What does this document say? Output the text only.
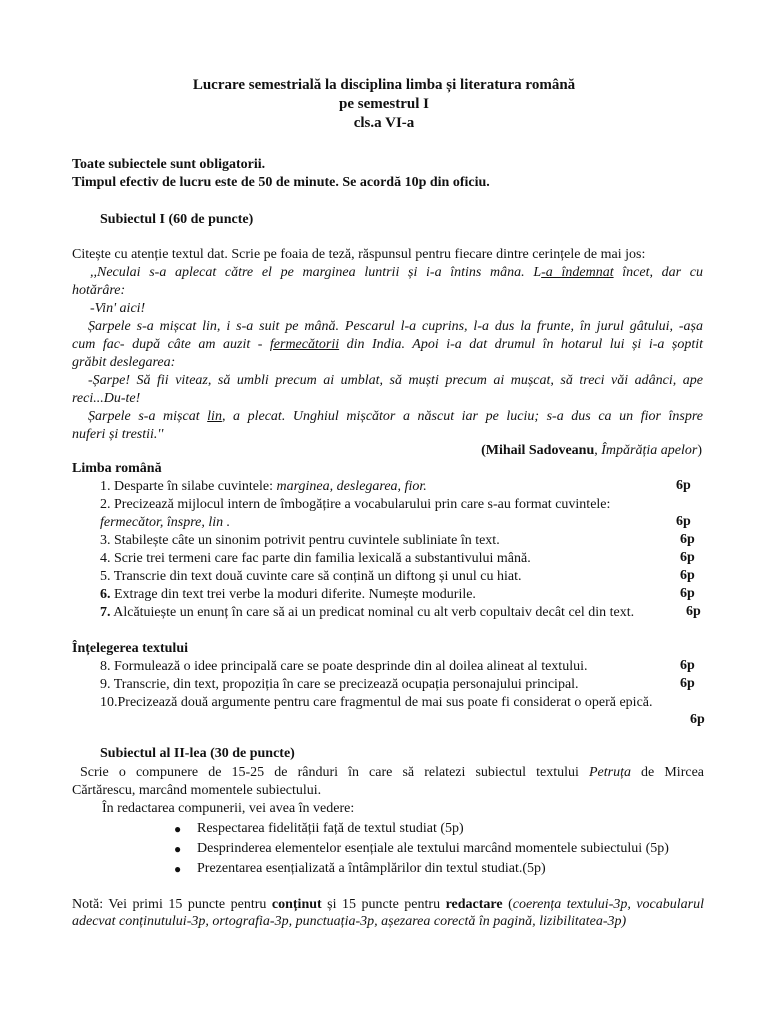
Lucrare semestrială la disciplina limba și literatura română
pe semestrul I
cls.a VI-a
Toate subiectele sunt obligatorii.
Timpul efectiv de lucru este de 50 de minute. Se acordă 10p din oficiu.
Subiectul I (60 de puncte)
Citește cu atenție textul dat. Scrie pe foaia de teză, răspunsul pentru fiecare dintre cerințele de mai jos:
,,Neculai s-a aplecat către el pe marginea luntrii și i-a întins mâna. L-a îndemnat încet, dar cu
hotărâre:
-Vin' aici!
Șarpele s-a mișcat lin, i s-a suit pe mână. Pescarul l-a cuprins, l-a dus la frunte, în jurul gâtului, -așa
cum fac- după câte am auzit - fermecătorii din India. Apoi i-a dat drumul în hotarul lui și i-a șoptit
grăbit deslegarea:
-Șarpe! Să fii viteaz, să umbli precum ai umblat, să muști precum ai mușcat, să treci văi adânci, ape
reci...Du-te!
Șarpele s-a mișcat lin, a plecat. Unghiul mișcător a născut iar pe luciu; s-a dus ca un fior înspre
nuferi și trestii.''
(Mihail Sadoveanu, Împărăția apelor)
Limba română
1. Desparte în silabe cuvintele: marginea, deslegarea, fior.	6p
2. Precizează mijlocul intern de îmbogățire a vocabularului prin care s-au format cuvintele:
fermecător, înspre, lin .	6p
3. Stabilește câte un sinonim potrivit pentru cuvintele subliniate în text.	6p
4. Scrie trei termeni care fac parte din familia lexicală a substantivului mână.	6p
5. Transcrie din text două cuvinte care să conțină un diftong și unul cu hiat.	6p
6. Extrage din text trei verbe la moduri diferite. Numește modurile.	6p
7. Alcătuiește un enunț în care să ai un predicat nominal cu alt verb copultaiv decât cel din text.	6p
Înțelegerea textului
8. Formulează o idee principală care se poate desprinde din al doilea alineat al textului.	6p
9. Transcrie, din text, propoziția în care se precizează ocupația personajului principal.	6p
10.Precizează două argumente pentru care fragmentul de mai sus poate fi considerat o operă epică.
6p
Subiectul al II-lea (30 de puncte)
Scrie o compunere de 15-25 de rânduri în care să relatezi subiectul textului Petruța de Mircea
Cărtărescu, marcând momentele subiectului.
În redactarea compunerii, vei avea în vedere:
● Respectarea fidelității față de textul studiat (5p)
● Desprinderea elementelor esențiale ale textului marcând momentele subiectului (5p)
● Prezentarea esențializată a întâmplărilor din textul studiat.(5p)
Notă: Vei primi 15 puncte pentru conținut și 15 puncte pentru redactare (coerența textului-3p, vocabularul
adecvat conținutului-3p, ortografia-3p, punctuația-3p, așezarea corectă în pagină, lizibilitatea-3p)
